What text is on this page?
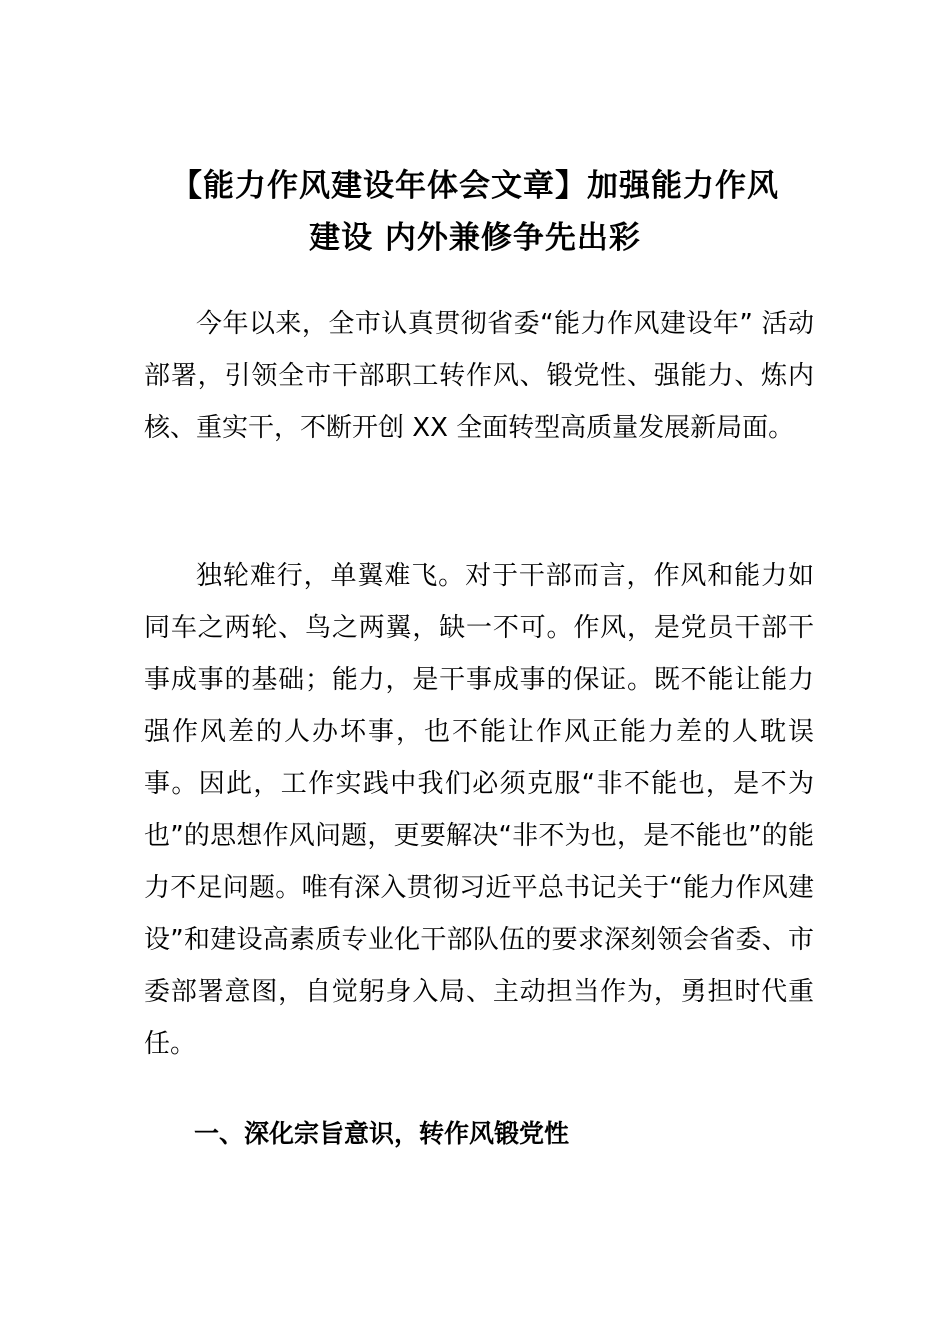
【能力作风建设年体会文章】加强能力作风
建设 内外兼修争先出彩

今年以来，全市认真贯彻省委“能力作风建设年” 活动部署，引领全市干部职工转作风、锻党性、强能力、炼内核、重实干，不断开创 XX 全面转型高质量发展新局面。

独轮难行，单翼难飞。对于干部而言，作风和能力如同车之两轮、鸟之两翼，缺一不可。作风，是党员干部干事成事的基础；能力，是干事成事的保证。既不能让能力强作风差的人办坏事，也不能让作风正能力差的人耽误事。因此，工作实践中我们必须克服“非不能也，是不为也”的思想作风问题，更要解决“非不为也，是不能也”的能力不足问题。唯有深入贯彻习近平总书记关于“能力作风建设”和建设高素质专业化干部队伍的要求深刻领会省委、市委部署意图，自觉躬身入局、主动担当作为，勇担时代重任。

一、深化宗旨意识，转作风锻党性
